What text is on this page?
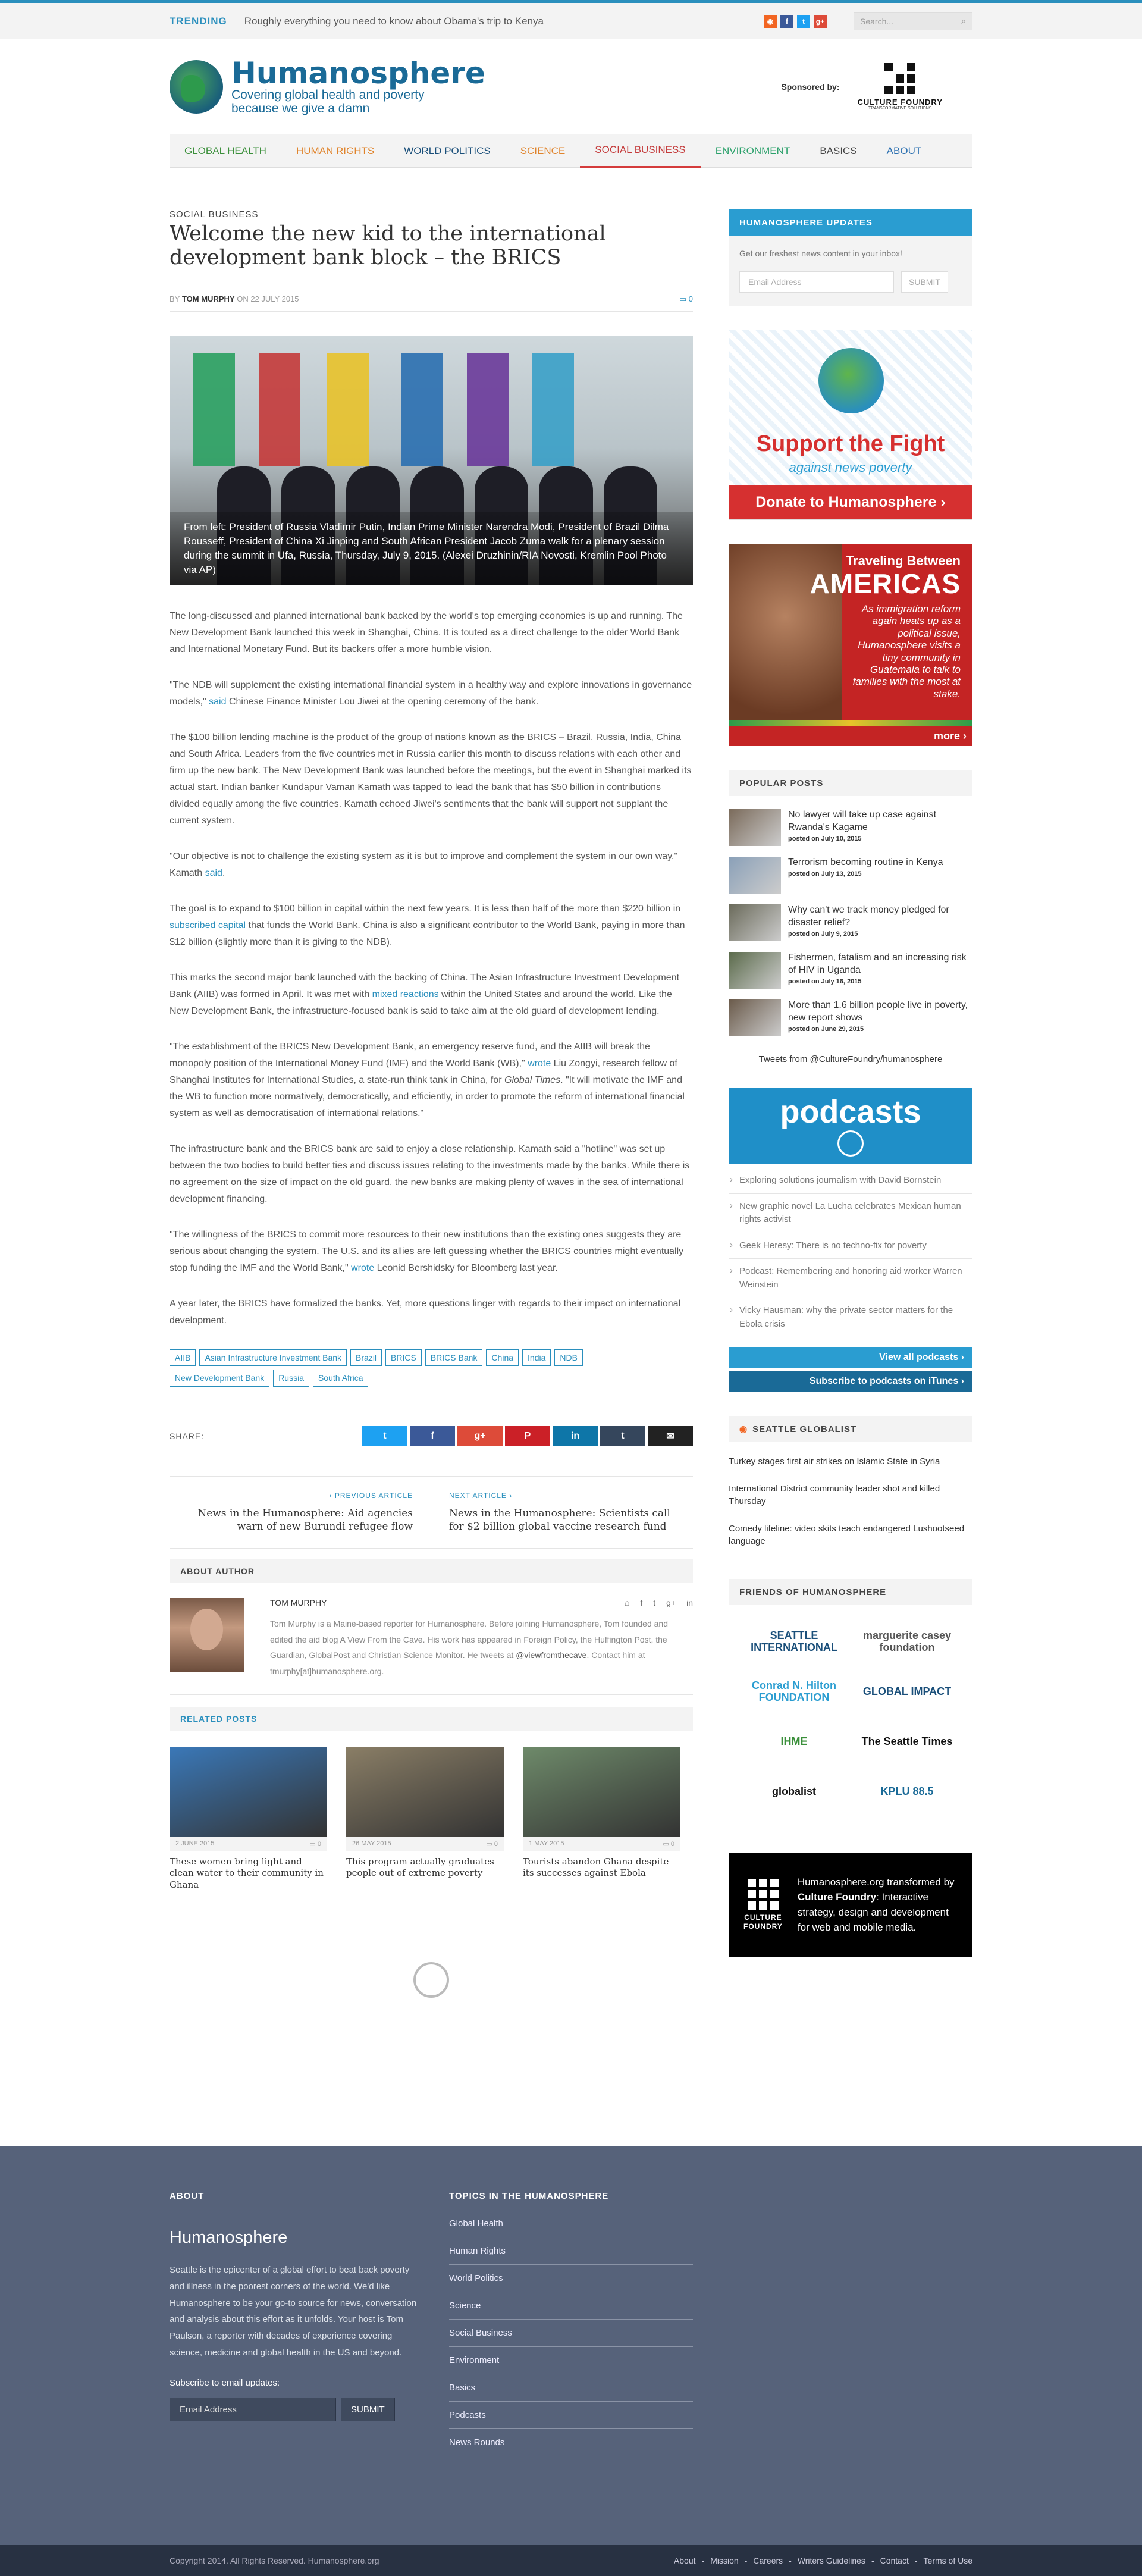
TRENDING Roughly everything you need to know about Obama's trip to Kenya	◉	f	t	g+	Search...	⌕
Humanosphere
Covering global health and poverty
because we give a damn
Sponsored by:
CULTURE FOUNDRY
TRANSFORMATIVE SOLUTIONS
GLOBAL HEALTH	HUMAN RIGHTS	WORLD POLITICS	SCIENCE	SOCIAL BUSINESS	ENVIRONMENT	BASICS	ABOUT
SOCIAL BUSINESS
Welcome the new kid to the international development bank block – the BRICS
BY
TOM MURPHY
ON 22 JULY 2015	▭ 0
From left: President of Russia Vladimir Putin, Indian Prime Minister Narendra Modi, President of Brazil Dilma Rousseff, President of China Xi Jinping and South African President Jacob Zuma walk for a plenary session during the summit in Ufa, Russia, Thursday, July 9, 2015. (Alexei Druzhinin/RIA Novosti, Kremlin Pool Photo via AP)

The long-discussed and planned international bank backed by the world's top emerging economies is up and running. The New Development Bank launched this week in Shanghai, China. It is touted as a direct challenge to the older World Bank and International Monetary Fund. But its backers offer a more humble vision.

"The NDB will supplement the existing international financial system in a healthy way and explore innovations in governance models," said Chinese Finance Minister Lou Jiwei at the opening ceremony of the bank.

The $100 billion lending machine is the product of the group of nations known as the BRICS – Brazil, Russia, India, China and South Africa. Leaders from the five countries met in Russia earlier this month to discuss relations with each other and firm up the new bank. The New Development Bank was launched before the meetings, but the event in Shanghai marked its actual start. Indian banker Kundapur Vaman Kamath was tapped to lead the bank that has $50 billion in contributions divided equally among the five countries. Kamath echoed Jiwei's sentiments that the bank will support not supplant the current system.

"Our objective is not to challenge the existing system as it is but to improve and complement the system in our own way," Kamath said.

The goal is to expand to $100 billion in capital within the next few years. It is less than half of the more than $220 billion in subscribed capital that funds the World Bank. China is also a significant contributor to the World Bank, paying in more than $12 billion (slightly more than it is giving to the NDB).

This marks the second major bank launched with the backing of China. The Asian Infrastructure Investment Development Bank (AIIB) was formed in April. It was met with mixed reactions within the United States and around the world. Like the New Development Bank, the infrastructure-focused bank is said to take aim at the old guard of development lending.

"The establishment of the BRICS New Development Bank, an emergency reserve fund, and the AIIB will break the monopoly position of the International Money Fund (IMF) and the World Bank (WB)," wrote Liu Zongyi, research fellow of Shanghai Institutes for International Studies, a state-run think tank in China, for Global Times. "It will motivate the IMF and the WB to function more normatively, democratically, and efficiently, in order to promote the reform of international financial system as well as democratisation of international relations."

The infrastructure bank and the BRICS bank are said to enjoy a close relationship. Kamath said a "hotline" was set up between the two bodies to build better ties and discuss issues relating to the investments made by the banks. While there is no agreement on the size of impact on the old guard, the new banks are making plenty of waves in the sea of international development financing.

"The willingness of the BRICS to commit more resources to their new institutions than the existing ones suggests they are serious about changing the system. The U.S. and its allies are left guessing whether the BRICS countries might eventually stop funding the IMF and the World Bank," wrote Leonid Bershidsky for Bloomberg last year.

A year later, the BRICS have formalized the banks. Yet, more questions linger with regards to their impact on international development.

AIIB	Asian Infrastructure Investment Bank	Brazil	BRICS	BRICS Bank	China	India	NDB
New Development Bank	Russia	South Africa
SHARE:	t	f	g+	P	in	t	✉
‹ PREVIOUS ARTICLE
News in the Humanosphere: Aid agencies warn of new Burundi refugee flow
NEXT ARTICLE ›
News in the Humanosphere: Scientists call for $2 billion global vaccine research fund
ABOUT AUTHOR
TOM MURPHY	⌂ f t g+ in
Tom Murphy is a Maine-based reporter for Humanosphere. Before joining Humanosphere, Tom founded and edited the aid blog A View From the Cave. His work has appeared in Foreign Policy, the Huffington Post, the Guardian, GlobalPost and Christian Science Monitor. He tweets at @viewfromthecave. Contact him at tmurphy[at]humanosphere.org.
RELATED POSTS
2 JUNE 2015	▭ 0
These women bring light and clean water to their community in Ghana
26 MAY 2015	▭ 0
This program actually graduates people out of extreme poverty
1 MAY 2015	▭ 0
Tourists abandon Ghana despite its successes against Ebola
HUMANOSPHERE UPDATES

Get our freshest news content in your inbox!

Email Address	SUBMIT
Support the Fight
against news poverty
Donate to Humanosphere ›
Traveling Between
AMERICAS
As immigration reform again heats up as a political issue, Humanosphere visits a tiny community in Guatemala to talk to families with the most at stake.
more ›
POPULAR POSTS
No lawyer will take up case against Rwanda's Kagame
posted on July 10, 2015
Terrorism becoming routine in Kenya
posted on July 13, 2015
Why can't we track money pledged for disaster relief?
posted on July 9, 2015
Fishermen, fatalism and an increasing risk of HIV in Uganda
posted on July 16, 2015
More than 1.6 billion people live in poverty, new report shows
posted on June 29, 2015
Tweets from @CultureFoundry/humanosphere
podcasts
› Exploring solutions journalism with David Bornstein
› New graphic novel La Lucha celebrates Mexican human rights activist
› Geek Heresy: There is no techno-fix for poverty
› Podcast: Remembering and honoring aid worker Warren Weinstein
› Vicky Hausman: why the private sector matters for the Ebola crisis
View all podcasts ›
Subscribe to podcasts on iTunes ›
◉ SEATTLE GLOBALIST
Turkey stages first air strikes on Islamic State in Syria
International District community leader shot and killed Thursday
Comedy lifeline: video skits teach endangered Lushootseed language
FRIENDS OF HUMANOSPHERE
SEATTLE INTERNATIONAL
marguerite casey foundation
Conrad N. Hilton FOUNDATION	GLOBAL IMPACT
IHME	The Seattle Times
globalist	KPLU 88.5
CULTURE
FOUNDRY

Humanosphere.org transformed by Culture Foundry: Interactive strategy, design and development for web and mobile media.

ABOUT
Humanosphere
Seattle is the epicenter of a global effort to beat back poverty and illness in the poorest corners of the world. We'd like Humanosphere to be your go-to source for news, conversation and analysis about this effort as it unfolds. Your host is Tom Paulson, a reporter with decades of experience covering science, medicine and global health in the US and beyond.
Subscribe to email updates:
Email Address	SUBMIT
TOPICS IN THE HUMANOSPHERE
Global Health
Human Rights
World Politics
Science
Social Business
Environment
Basics
Podcasts
News Rounds
Copyright 2014. All Rights Reserved. Humanosphere.org	About - Mission - Careers - Writers Guidelines - Contact - Terms of Use
